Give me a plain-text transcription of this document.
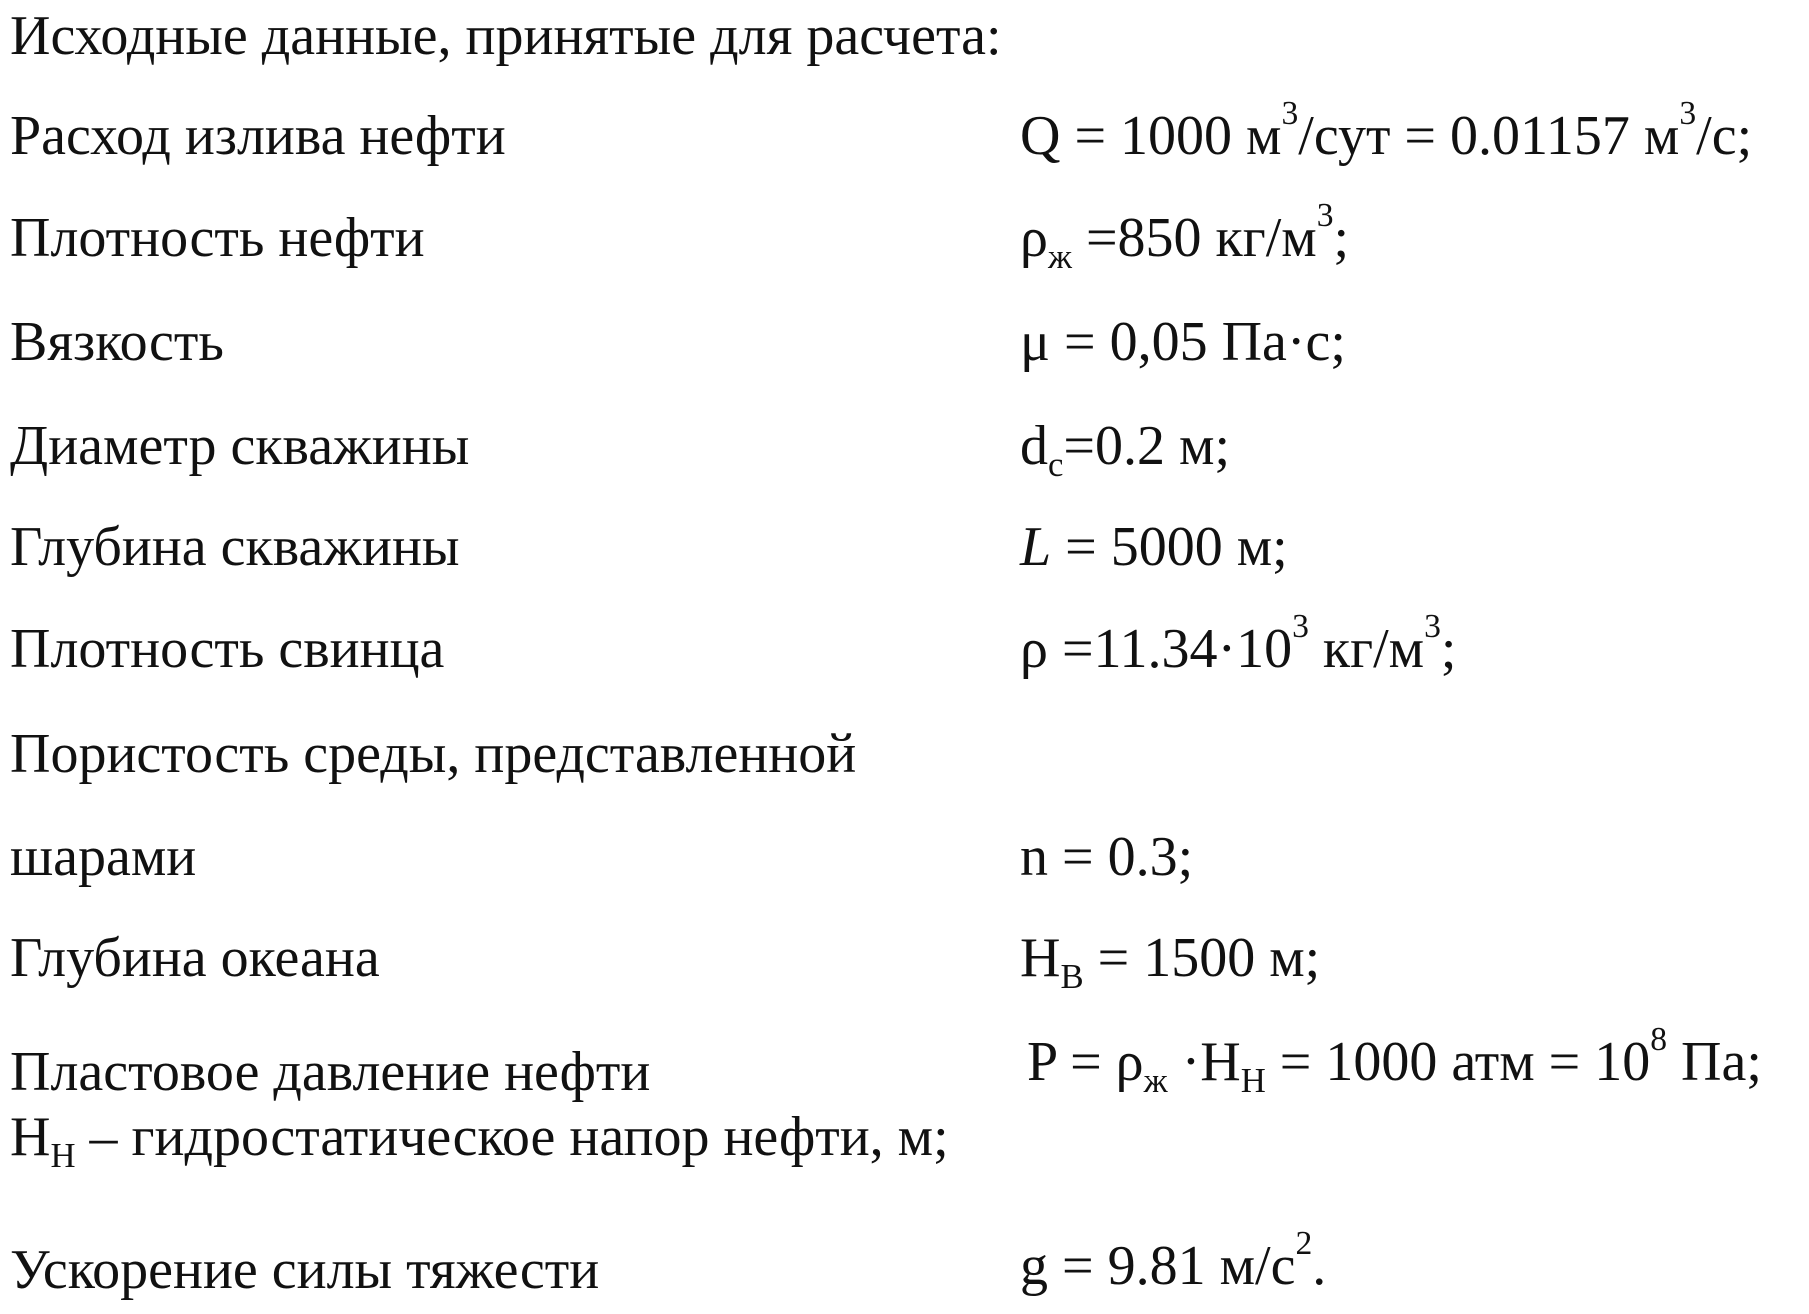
Исходные данные, принятые для расчета:
Расход излива нефти	Q = 1000 $м^3$/сут = 0.01157 $м^3/с$;
Плотность нефти	$\rho_ж =850$ $кг/м^3$;
Вязкость	μ = 0,05 Па·с;
Диаметр скважины	$d_c=0.2$ м;
Глубина скважины	L = 5000 м;
Плотность свинца	$\rho =11.34\cdot 10^3$ $кг/м^3$;
Пористость среды, представленной
шарами	n = 0.3;
Глубина океана	$H_B = 1500$ м;
Пластовое давление нефти	$P = \rho_ж \cdot H_H = 1000$ атм = $10^8$ Па;
$H_H$ – гидростатическое напор нефти, м;
Ускорение силы тяжести	g = 9.81 $м/с^2$.
